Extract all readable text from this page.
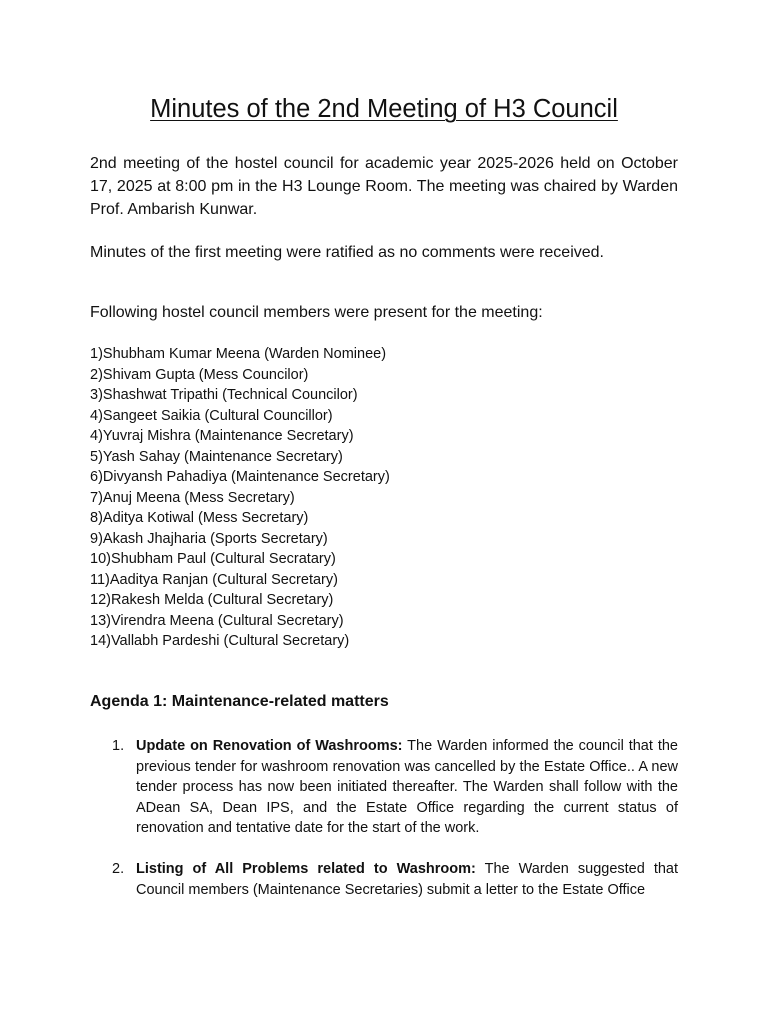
Minutes of the 2nd Meeting of H3 Council

2nd meeting of the hostel council for academic year 2025-2026 held on October 17, 2025 at 8:00 pm in the H3 Lounge Room. The meeting was chaired by Warden Prof. Ambarish Kunwar.

Minutes of the first meeting were ratified as no comments were received.

Following hostel council members were present for the meeting:

1)Shubham Kumar Meena (Warden Nominee)
2)Shivam Gupta (Mess Councilor)
3)Shashwat Tripathi (Technical Councilor)
4)Sangeet Saikia (Cultural Councillor)
4)Yuvraj Mishra (Maintenance Secretary)
5)Yash Sahay (Maintenance Secretary)
6)Divyansh Pahadiya (Maintenance Secretary)
7)Anuj Meena (Mess Secretary)
8)Aditya Kotiwal (Mess Secretary)
9)Akash Jhajharia (Sports Secretary)
10)Shubham Paul (Cultural Secratary)
11)Aaditya Ranjan (Cultural Secretary)
12)Rakesh Melda (Cultural Secretary)
13)Virendra Meena (Cultural Secretary)
14)Vallabh Pardeshi (Cultural Secretary)
Agenda 1: Maintenance-related matters
1. Update on Renovation of Washrooms: The Warden informed the council that the previous tender for washroom renovation was cancelled by the Estate Office.. A new tender process has now been initiated thereafter. The Warden shall follow with the ADean SA, Dean IPS, and the Estate Office regarding the current status of renovation and tentative date for the start of the work.
2. Listing of All Problems related to Washroom: The Warden suggested that Council members (Maintenance Secretaries) submit a letter to the Estate Office
